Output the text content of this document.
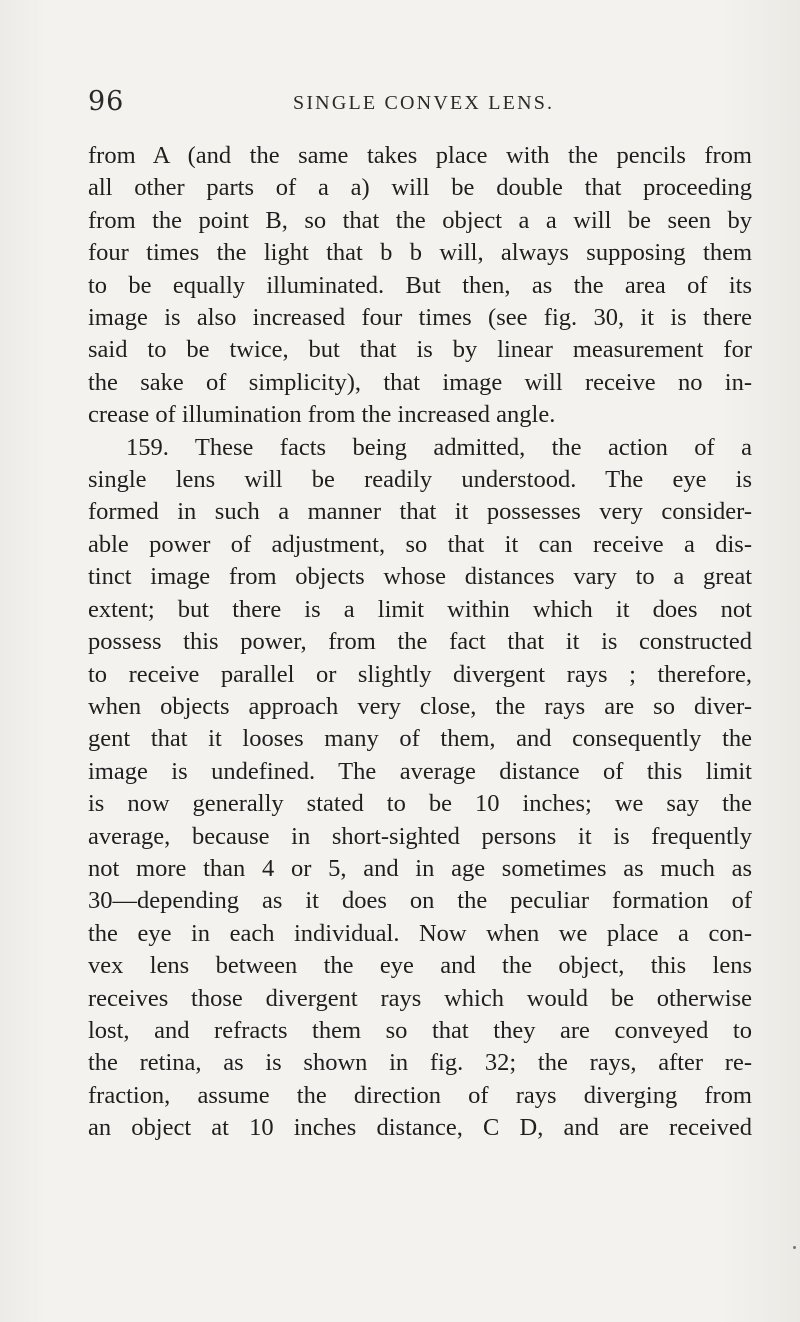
96	SINGLE CONVEX LENS.
from A (and the same takes place with the pencils from
all other parts of a a) will be double that proceeding
from the point B, so that the object a a will be seen by
four times the light that b b will, always supposing them
to be equally illuminated. But then, as the area of its
image is also increased four times (see fig. 30, it is there
said to be twice, but that is by linear measurement for
the sake of simplicity), that image will receive no in-
crease of illumination from the increased angle.
159. These facts being admitted, the action of a
single lens will be readily understood. The eye is
formed in such a manner that it possesses very consider-
able power of adjustment, so that it can receive a dis-
tinct image from objects whose distances vary to a great
extent; but there is a limit within which it does not
possess this power, from the fact that it is constructed
to receive parallel or slightly divergent rays ; therefore,
when objects approach very close, the rays are so diver-
gent that it looses many of them, and consequently the
image is undefined. The average distance of this limit
is now generally stated to be 10 inches; we say the
average, because in short-sighted persons it is frequently
not more than 4 or 5, and in age sometimes as much as
30—depending as it does on the peculiar formation of
the eye in each individual. Now when we place a con-
vex lens between the eye and the object, this lens
receives those divergent rays which would be otherwise
lost, and refracts them so that they are conveyed to
the retina, as is shown in fig. 32; the rays, after re-
fraction, assume the direction of rays diverging from
an object at 10 inches distance, C D, and are received
